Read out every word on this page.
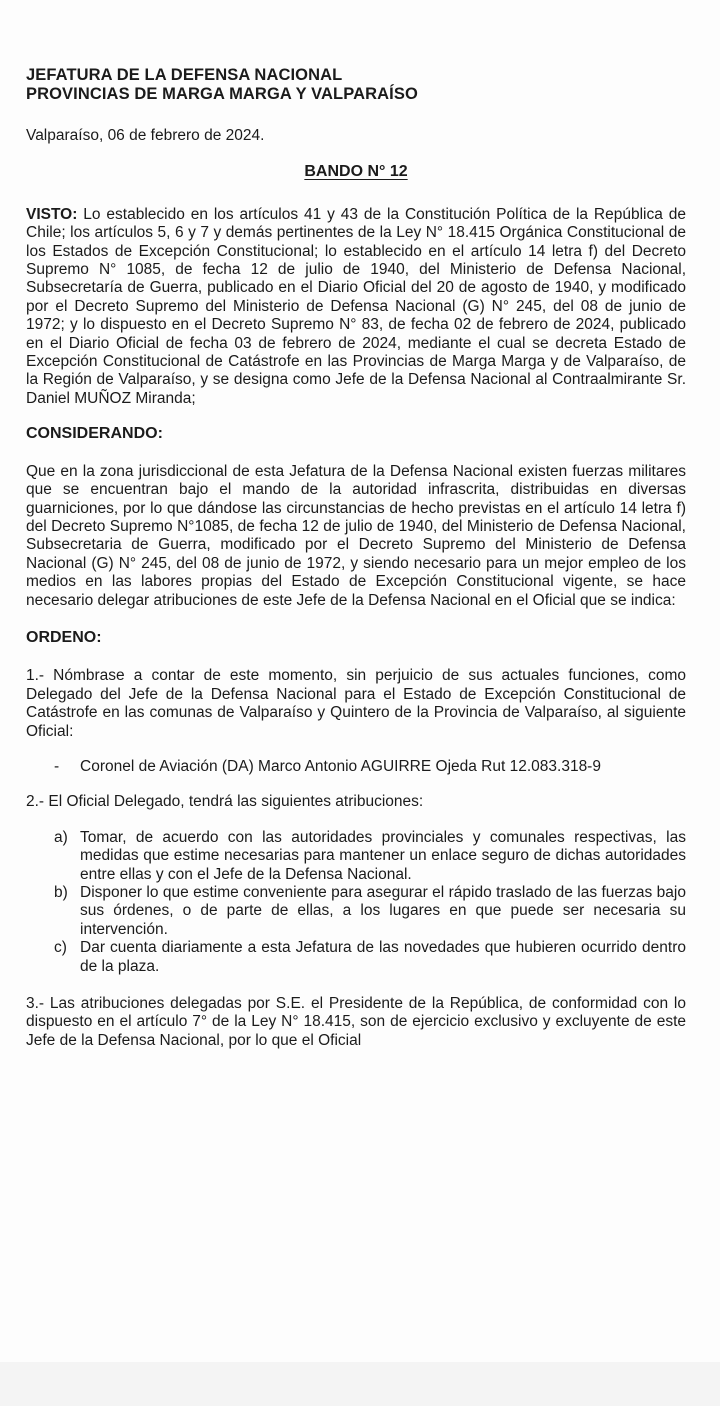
JEFATURA DE LA DEFENSA NACIONAL
PROVINCIAS DE MARGA MARGA Y VALPARAÍSO
Valparaíso, 06 de febrero de 2024.
BANDO N° 12

VISTO: Lo establecido en los artículos 41 y 43 de la Constitución Política de la República de Chile; los artículos 5, 6 y 7 y demás pertinentes de la Ley N° 18.415 Orgánica Constitucional de los Estados de Excepción Constitucional; lo establecido en el artículo 14 letra f) del Decreto Supremo N° 1085, de fecha 12 de julio de 1940, del Ministerio de Defensa Nacional, Subsecretaría de Guerra, publicado en el Diario Oficial del 20 de agosto de 1940, y modificado por el Decreto Supremo del Ministerio de Defensa Nacional (G) N° 245, del 08 de junio de 1972; y lo dispuesto en el Decreto Supremo N° 83, de fecha 02 de febrero de 2024, publicado en el Diario Oficial de fecha 03 de febrero de 2024, mediante el cual se decreta Estado de Excepción Constitucional de Catástrofe en las Provincias de Marga Marga y de Valparaíso, de la Región de Valparaíso, y se designa como Jefe de la Defensa Nacional al Contraalmirante Sr. Daniel MUÑOZ Miranda;

CONSIDERANDO:

Que en la zona jurisdiccional de esta Jefatura de la Defensa Nacional existen fuerzas militares que se encuentran bajo el mando de la autoridad infrascrita, distribuidas en diversas guarniciones, por lo que dándose las circunstancias de hecho previstas en el artículo 14 letra f) del Decreto Supremo N°1085, de fecha 12 de julio de 1940, del Ministerio de Defensa Nacional, Subsecretaria de Guerra, modificado por el Decreto Supremo del Ministerio de Defensa Nacional (G) N° 245, del 08 de junio de 1972, y siendo necesario para un mejor empleo de los medios en las labores propias del Estado de Excepción Constitucional vigente, se hace necesario delegar atribuciones de este Jefe de la Defensa Nacional en el Oficial que se indica:

ORDENO:

1.- Nómbrase a contar de este momento, sin perjuicio de sus actuales funciones, como Delegado del Jefe de la Defensa Nacional para el Estado de Excepción Constitucional de Catástrofe en las comunas de Valparaíso y Quintero de la Provincia de Valparaíso, al siguiente Oficial:

-	Coronel de Aviación (DA) Marco Antonio AGUIRRE Ojeda Rut 12.083.318-9

2.- El Oficial Delegado, tendrá las siguientes atribuciones:

a) Tomar, de acuerdo con las autoridades provinciales y comunales respectivas, las medidas que estime necesarias para mantener un enlace seguro de dichas autoridades entre ellas y con el Jefe de la Defensa Nacional.
b) Disponer lo que estime conveniente para asegurar el rápido traslado de las fuerzas bajo sus órdenes, o de parte de ellas, a los lugares en que puede ser necesaria su intervención.
c) Dar cuenta diariamente a esta Jefatura de las novedades que hubieren ocurrido dentro de la plaza.

3.- Las atribuciones delegadas por S.E. el Presidente de la República, de conformidad con lo dispuesto en el artículo 7° de la Ley N° 18.415, son de ejercicio exclusivo y excluyente de este Jefe de la Defensa Nacional, por lo que el Oficial
